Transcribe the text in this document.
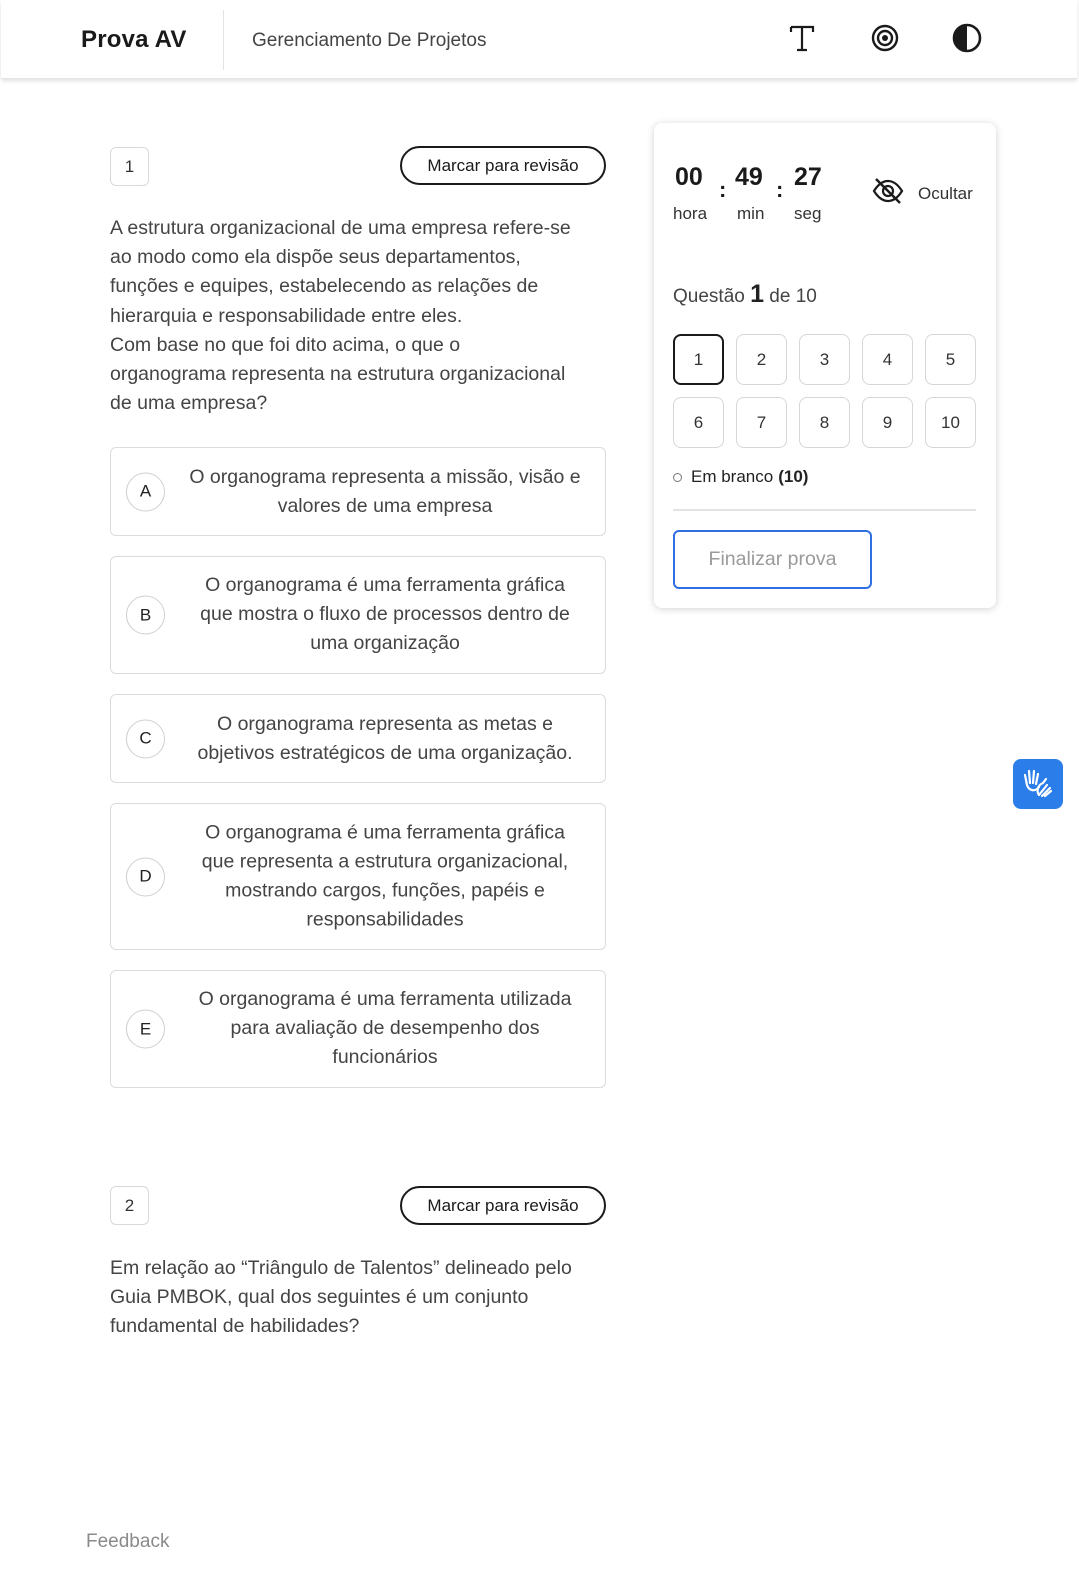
Prova AV	Gerenciamento De Projetos
1	Marcar para revisão
A estrutura organizacional de uma empresa refere-se
ao modo como ela dispõe seus departamentos,
funções e equipes, estabelecendo as relações de
hierarquia e responsabilidade entre eles.
Com base no que foi dito acima, o que o
organograma representa na estrutura organizacional
de uma empresa?
A
O organograma representa a missão, visão e
valores de uma empresa
B
O organograma é uma ferramenta gráfica
que mostra o fluxo de processos dentro de
uma organização
C
O organograma representa as metas e
objetivos estratégicos de uma organização.
D
O organograma é uma ferramenta gráfica
que representa a estrutura organizacional,
mostrando cargos, funções, papéis e
responsabilidades
E
O organograma é uma ferramenta utilizada
para avaliação de desempenho dos
funcionários
2	Marcar para revisão
Em relação ao “Triângulo de Talentos” delineado pelo
Guia PMBOK, qual dos seguintes é um conjunto
fundamental de habilidades?
00 : 49 : 27
hora min seg
Ocultar
Questão 1 de 10
1	2	3	4	5
6	7	8	9	10
Em branco (10)
Finalizar prova
Feedback
